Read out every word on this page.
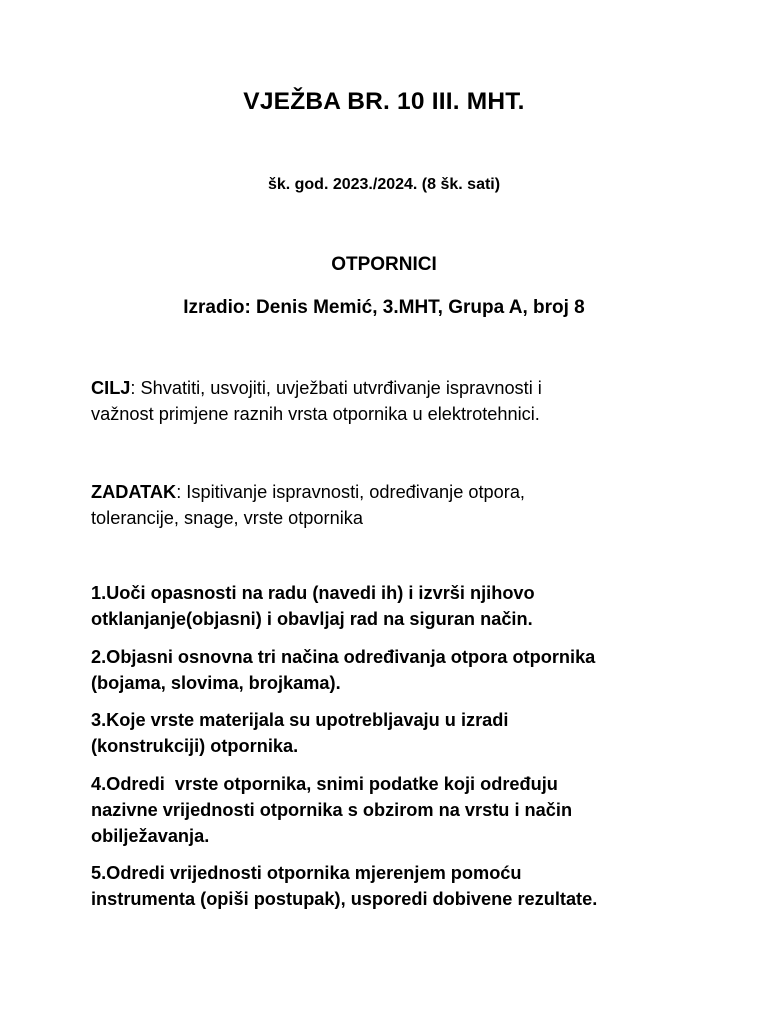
VJEŽBA BR. 10 III. MHT.
šk. god. 2023./2024. (8 šk. sati)
OTPORNICI
Izradio: Denis Memić, 3.MHT, Grupa A, broj 8
CILJ: Shvatiti, usvojiti, uvježbati utvrđivanje ispravnosti i
važnost primjene raznih vrsta otpornika u elektrotehnici.
ZADATAK: Ispitivanje ispravnosti, određivanje otpora,
tolerancije, snage, vrste otpornika
1.Uoči opasnosti na radu (navedi ih) i izvrši njihovo
otklanjanje(objasni) i obavljaj rad na siguran način.
2.Objasni osnovna tri načina određivanja otpora otpornika
(bojama, slovima, brojkama).
3.Koje vrste materijala su upotrebljavaju u izradi
(konstrukciji) otpornika.
4.Odredi  vrste otpornika, snimi podatke koji određuju
nazivne vrijednosti otpornika s obzirom na vrstu i način
obilježavanja.
5.Odredi vrijednosti otpornika mjerenjem pomoću
instrumenta (opiši postupak), usporedi dobivene rezultate.
